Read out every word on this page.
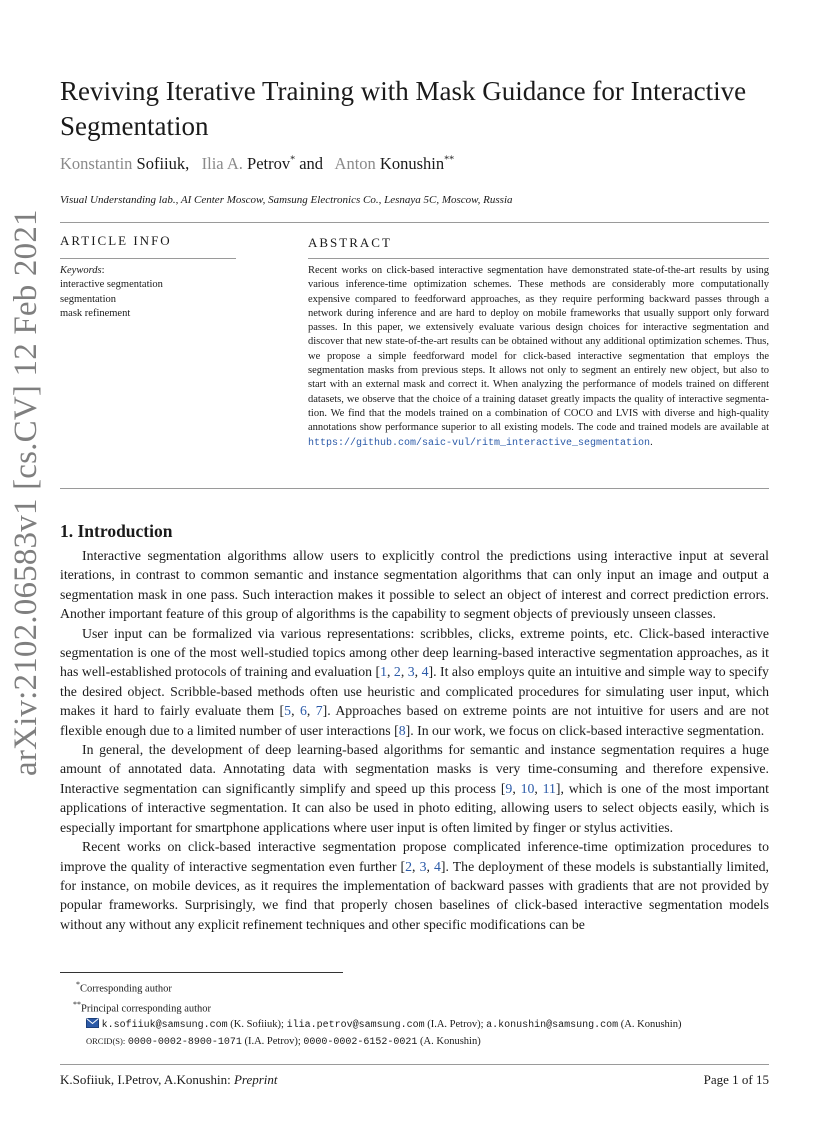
arXiv:2102.06583v1 [cs.CV] 12 Feb 2021
Reviving Iterative Training with Mask Guidance for Interactive Segmentation
Konstantin Sofiiuk, Ilia A. Petrov* and Anton Konushin**
Visual Understanding lab., AI Center Moscow, Samsung Electronics Co., Lesnaya 5C, Moscow, Russia
ARTICLE INFO	ABSTRACT
Keywords:
interactive segmentation
segmentation
mask refinement
Recent works on click-based interactive segmentation have demonstrated state-of-the-art results by using various inference-time optimization schemes. These methods are considerably more computationally expensive compared to feedforward approaches, as they require performing backward passes through a network during inference and are hard to deploy on mobile frameworks that usually support only forward passes. In this paper, we extensively evaluate various design choices for interactive segmentation and discover that new state-of-the-art results can be obtained without any additional optimization schemes. Thus, we propose a simple feedforward model for click-based interactive segmentation that employs the segmentation masks from previous steps. It allows not only to segment an entirely new object, but also to start with an external mask and correct it. When analyzing the performance of models trained on different datasets, we observe that the choice of a training dataset greatly impacts the quality of interactive segmentation. We find that the models trained on a combination of COCO and LVIS with diverse and high-quality annotations show performance superior to all existing models. The code and trained models are available at https://github.com/saic-vul/ritm_interactive_segmentation.
1. Introduction

Interactive segmentation algorithms allow users to explicitly control the predictions using interactive input at several iterations, in contrast to common semantic and instance segmentation algorithms that can only input an image and output a segmentation mask in one pass. Such interaction makes it possible to select an object of interest and correct prediction errors. Another important feature of this group of algorithms is the capability to segment objects of previously unseen classes.

User input can be formalized via various representations: scribbles, clicks, extreme points, etc. Click-based interactive segmentation is one of the most well-studied topics among other deep learning-based interactive segmentation approaches, as it has well-established protocols of training and evaluation [1, 2, 3, 4]. It also employs quite an intuitive and simple way to specify the desired object. Scribble-based methods often use heuristic and complicated procedures for simulating user input, which makes it hard to fairly evaluate them [5, 6, 7]. Approaches based on extreme points are not intuitive for users and are not flexible enough due to a limited number of user interactions [8]. In our work, we focus on click-based interactive segmentation.

In general, the development of deep learning-based algorithms for semantic and instance segmentation requires a huge amount of annotated data. Annotating data with segmentation masks is very time-consuming and therefore expensive. Interactive segmentation can significantly simplify and speed up this process [9, 10, 11], which is one of the most important applications of interactive segmentation. It can also be used in photo editing, allowing users to select objects easily, which is especially important for smartphone applications where user input is often limited by finger or stylus activities.

Recent works on click-based interactive segmentation propose complicated inference-time optimization procedures to improve the quality of interactive segmentation even further [2, 3, 4]. The deployment of these models is substantially limited, for instance, on mobile devices, as it requires the implementation of backward passes with gradients that are not provided by popular frameworks. Surprisingly, we find that properly chosen baselines of click-based interactive segmentation models without any without any explicit refinement techniques and other specific modifications can be

*Corresponding author
**Principal corresponding author
k.sofiiuk@samsung.com (K. Sofiiuk); ilia.petrov@samsung.com (I.A. Petrov); a.konushin@samsung.com (A. Konushin)
ORCID(S): 0000-0002-8900-1071 (I.A. Petrov); 0000-0002-6152-0021 (A. Konushin)
K.Sofiiuk, I.Petrov, A.Konushin: Preprint	Page 1 of 15
